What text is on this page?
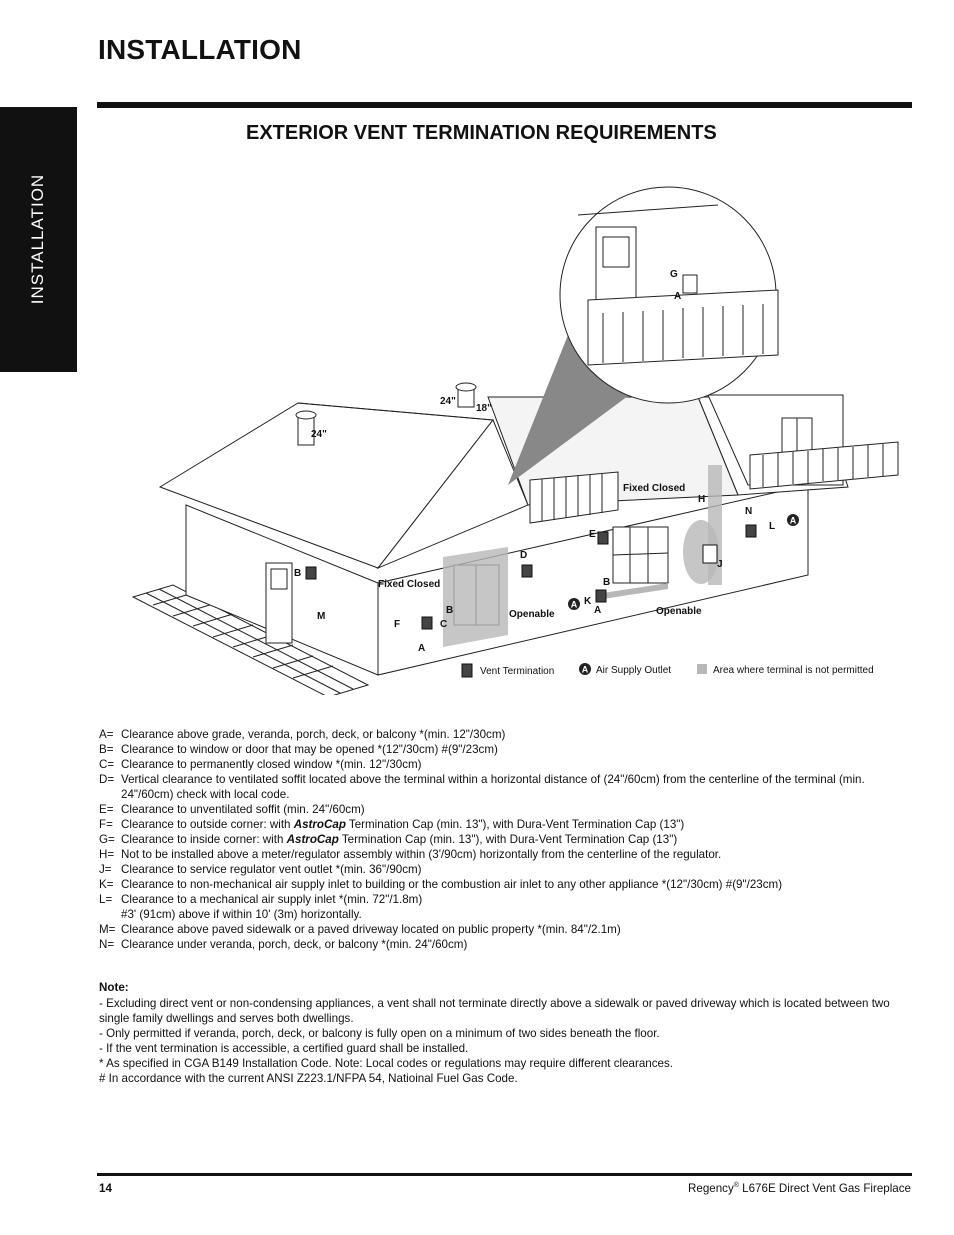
INSTALLATION
INSTALLATION
EXTERIOR VENT TERMINATION REQUIREMENTS
G
A
A
A
B
M
F
B
C
A
D
E
B
K
A
H
J
N
L
24"
24"
18"
Fixed Closed
Fixed Closed
Openable	Openable
Vent Termination	A Air Supply Outlet	Area where terminal is not permitted
A= Clearance above grade, veranda, porch, deck, or balcony *(min. 12"/30cm)
B= Clearance to window or door that may be opened *(12"/30cm) #(9"/23cm)
C= Clearance to permanently closed window *(min. 12"/30cm)
D= Vertical clearance to ventilated soffit located above the terminal within a horizontal distance of (24"/60cm) from the centerline of the terminal (min.
24"/60cm) check with local code.
E= Clearance to unventilated soffit (min. 24"/60cm)
F= Clearance to outside corner: with AstroCap Termination Cap (min. 13"), with Dura-Vent Termination Cap (13")
G= Clearance to inside corner: with AstroCap Termination Cap (min. 13"), with Dura-Vent Termination Cap (13")
H= Not to be installed above a meter/regulator assembly within (3'/90cm) horizontally from the centerline of the regulator.
J= Clearance to service regulator vent outlet *(min. 36"/90cm)
K= Clearance to non-mechanical air supply inlet to building or the combustion air inlet to any other appliance *(12"/30cm) #(9"/23cm)
L= Clearance to a mechanical air supply inlet *(min. 72"/1.8m)
#3' (91cm) above if within 10' (3m) horizontally.
M= Clearance above paved sidewalk or a paved driveway located on public property *(min. 84"/2.1m)
N= Clearance under veranda, porch, deck, or balcony *(min. 24"/60cm)
Note:
- Excluding direct vent or non-condensing appliances, a vent shall not terminate directly above a sidewalk or paved driveway which is located between two single family dwellings and serves both dwellings.
- Only permitted if veranda, porch, deck, or balcony is fully open on a minimum of two sides beneath the floor.
- If the vent termination is accessible, a certified guard shall be installed.
* As specified in CGA B149 Installation Code. Note: Local codes or regulations may require different clearances.
# In accordance with the current ANSI Z223.1/NFPA 54, Natioinal Fuel Gas Code.
14	Regency® L676E Direct Vent Gas Fireplace
